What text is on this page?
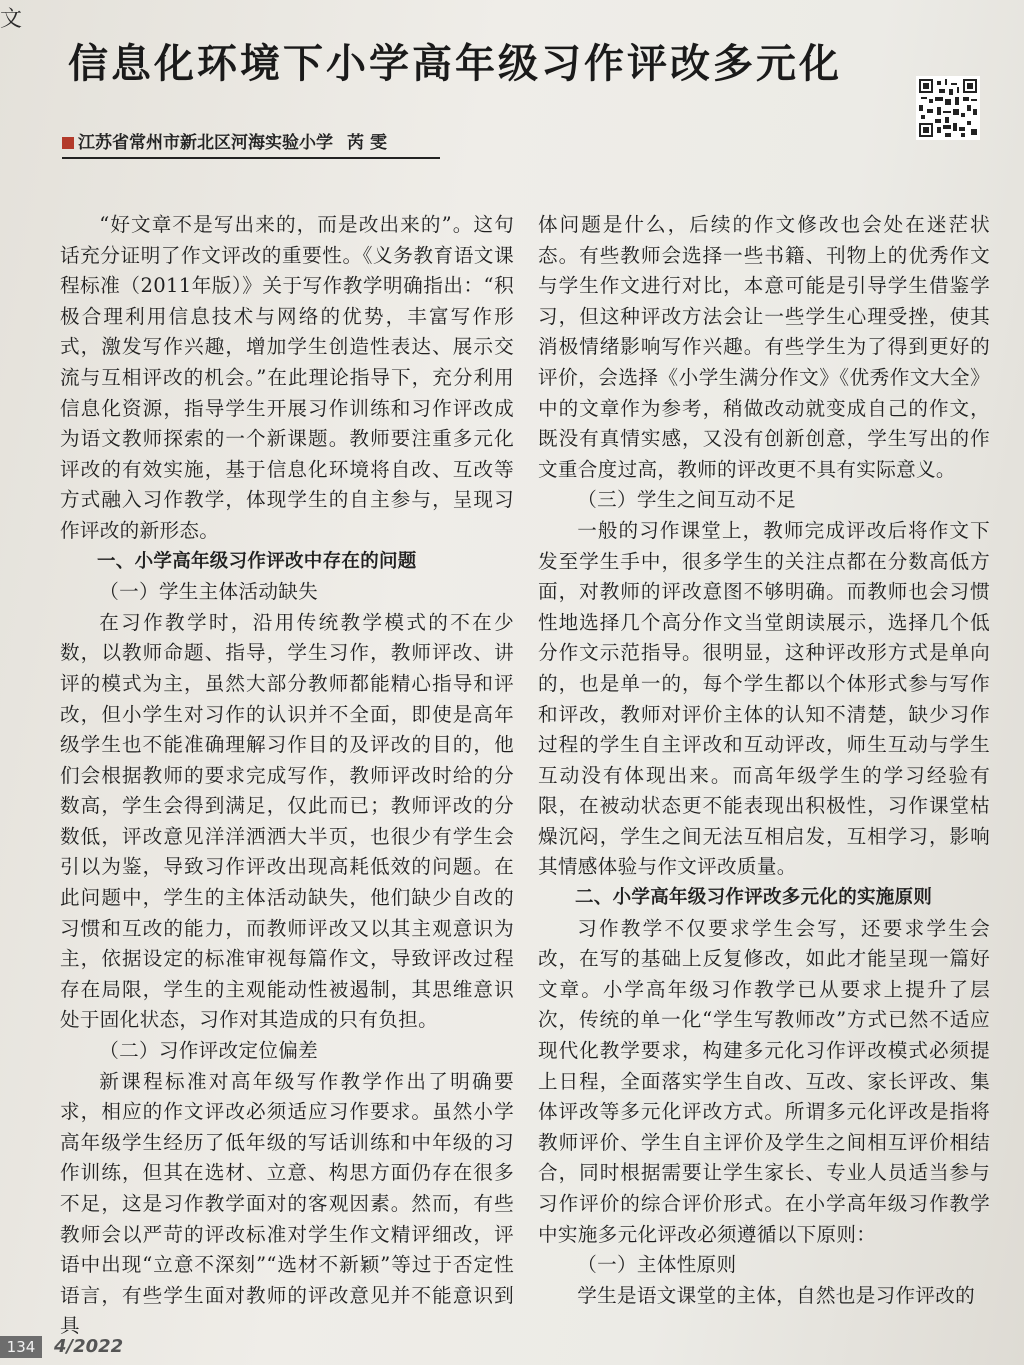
文
信息化环境下小学高年级习作评改多元化
江苏省常州市新北区河海实验小学 芮雯

“好文章不是写出来的，而是改出来的”。这句话充分证明了作文评改的重要性。《义务教育语文课程标准（2011年版）》关于写作教学明确指出：“积极合理利用信息技术与网络的优势，丰富写作形式，激发写作兴趣，增加学生创造性表达、展示交流与互相评改的机会。”在此理论指导下，充分利用信息化资源，指导学生开展习作训练和习作评改成为语文教师探索的一个新课题。教师要注重多元化评改的有效实施，基于信息化环境将自改、互改等方式融入习作教学，体现学生的自主参与，呈现习作评改的新形态。

一、小学高年级习作评改中存在的问题

（一）学生主体活动缺失

在习作教学时，沿用传统教学模式的不在少数，以教师命题、指导，学生习作，教师评改、讲评的模式为主，虽然大部分教师都能精心指导和评改，但小学生对习作的认识并不全面，即使是高年级学生也不能准确理解习作目的及评改的目的，他们会根据教师的要求完成写作，教师评改时给的分数高，学生会得到满足，仅此而已；教师评改的分数低，评改意见洋洋洒洒大半页，也很少有学生会引以为鉴，导致习作评改出现高耗低效的问题。在此问题中，学生的主体活动缺失，他们缺少自改的习惯和互改的能力，而教师评改又以其主观意识为主，依据设定的标准审视每篇作文，导致评改过程存在局限，学生的主观能动性被遏制，其思维意识处于固化状态，习作对其造成的只有负担。

（二）习作评改定位偏差

新课程标准对高年级写作教学作出了明确要求，相应的作文评改必须适应习作要求。虽然小学高年级学生经历了低年级的写话训练和中年级的习作训练，但其在选材、立意、构思方面仍存在很多不足，这是习作教学面对的客观因素。然而，有些教师会以严苛的评改标准对学生作文精评细改，评语中出现“立意不深刻”“选材不新颖”等过于否定性语言，有些学生面对教师的评改意见并不能意识到具

体问题是什么，后续的作文修改也会处在迷茫状态。有些教师会选择一些书籍、刊物上的优秀作文与学生作文进行对比，本意可能是引导学生借鉴学习，但这种评改方法会让一些学生心理受挫，使其消极情绪影响写作兴趣。有些学生为了得到更好的评价，会选择《小学生满分作文》《优秀作文大全》中的文章作为参考，稍做改动就变成自己的作文，既没有真情实感，又没有创新创意，学生写出的作文重合度过高，教师的评改更不具有实际意义。

（三）学生之间互动不足

一般的习作课堂上，教师完成评改后将作文下发至学生手中，很多学生的关注点都在分数高低方面，对教师的评改意图不够明确。而教师也会习惯性地选择几个高分作文当堂朗读展示，选择几个低分作文示范指导。很明显，这种评改形方式是单向的，也是单一的，每个学生都以个体形式参与写作和评改，教师对评价主体的认知不清楚，缺少习作过程的学生自主评改和互动评改，师生互动与学生互动没有体现出来。而高年级学生的学习经验有限，在被动状态更不能表现出积极性，习作课堂枯燥沉闷，学生之间无法互相启发，互相学习，影响其情感体验与作文评改质量。

二、小学高年级习作评改多元化的实施原则

习作教学不仅要求学生会写，还要求学生会改，在写的基础上反复修改，如此才能呈现一篇好文章。小学高年级习作教学已从要求上提升了层次，传统的单一化“学生写教师改”方式已然不适应现代化教学要求，构建多元化习作评改模式必须提上日程，全面落实学生自改、互改、家长评改、集体评改等多元化评改方式。所谓多元化评改是指将教师评价、学生自主评价及学生之间相互评价相结合，同时根据需要让学生家长、专业人员适当参与习作评价的综合评价形式。在小学高年级习作教学中实施多元化评改必须遵循以下原则：

（一）主体性原则

学生是语文课堂的主体，自然也是习作评改的

134	4/2022
